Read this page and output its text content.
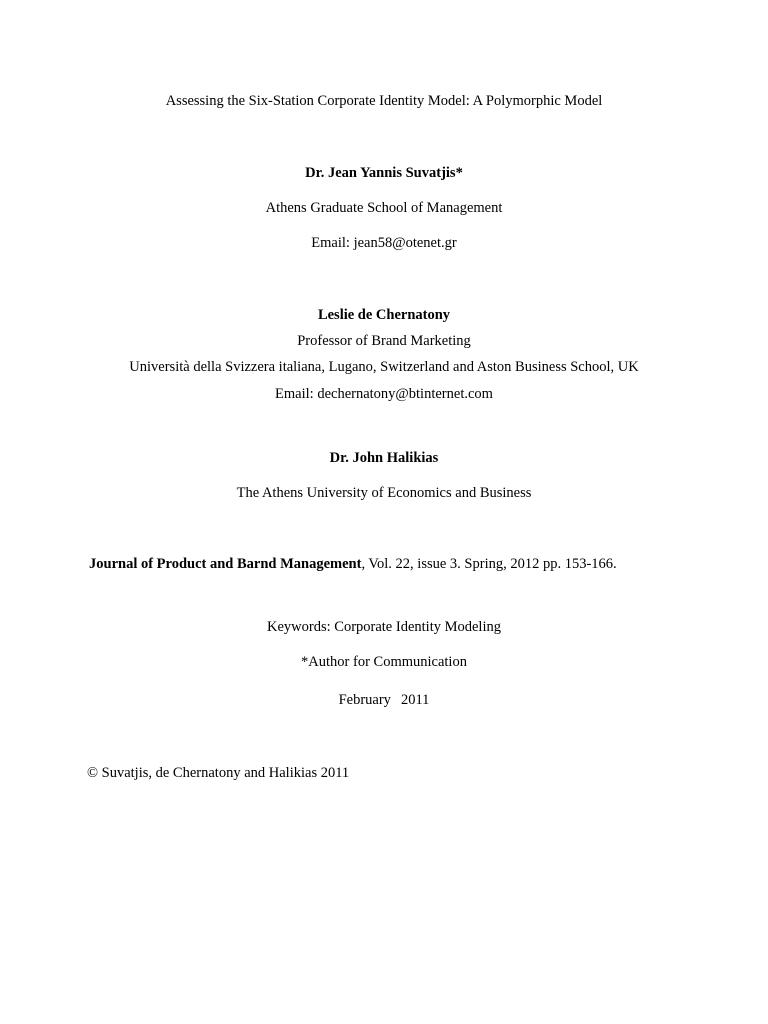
Assessing the Six-Station Corporate Identity Model: A Polymorphic Model
Dr. Jean Yannis Suvatjis*
Athens Graduate School of Management
Email: jean58@otenet.gr
Leslie de Chernatony
Professor of Brand Marketing
Università della Svizzera italiana, Lugano, Switzerland and Aston Business School, UK
Email: dechernatony@btinternet.com
Dr. John Halikias
The Athens University of Economics and Business
Journal of Product and Barnd Management, Vol. 22, issue 3. Spring, 2012 pp. 153-166.
Keywords: Corporate Identity Modeling
*Author for Communication
February 2011
© Suvatjis, de Chernatony and Halikias 2011
